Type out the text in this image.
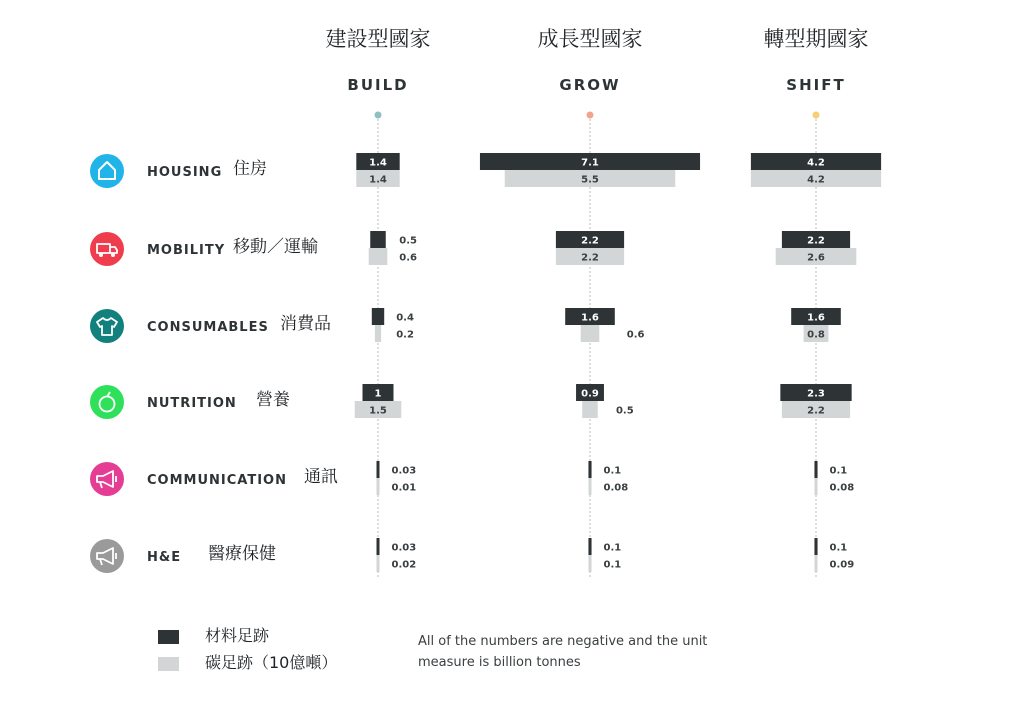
建設型國家
BUILD
成長型國家
GROW
轉型期國家
SHIFT
HOUSING 住房
MOBILITY 移動／運輸
CONSUMABLES 消費品
NUTRITION 營養
COMMUNICATION 通訊
H&E 醫療保健
1.4
1.4
7.1
5.5
4.2
4.2
0.5
0.6
2.2
2.2
2.2
2.6
0.4
0.2
1.6
0.6
1.6
0.8
1
1.5
0.9
0.5
2.3
2.2
0.03
0.01
0.1
0.08
0.1
0.08
0.03
0.02
0.1
0.1
0.1
0.09
材料足跡
碳足跡（10億噸）
All of the numbers are negative and the unit
measure is billion tonnes
